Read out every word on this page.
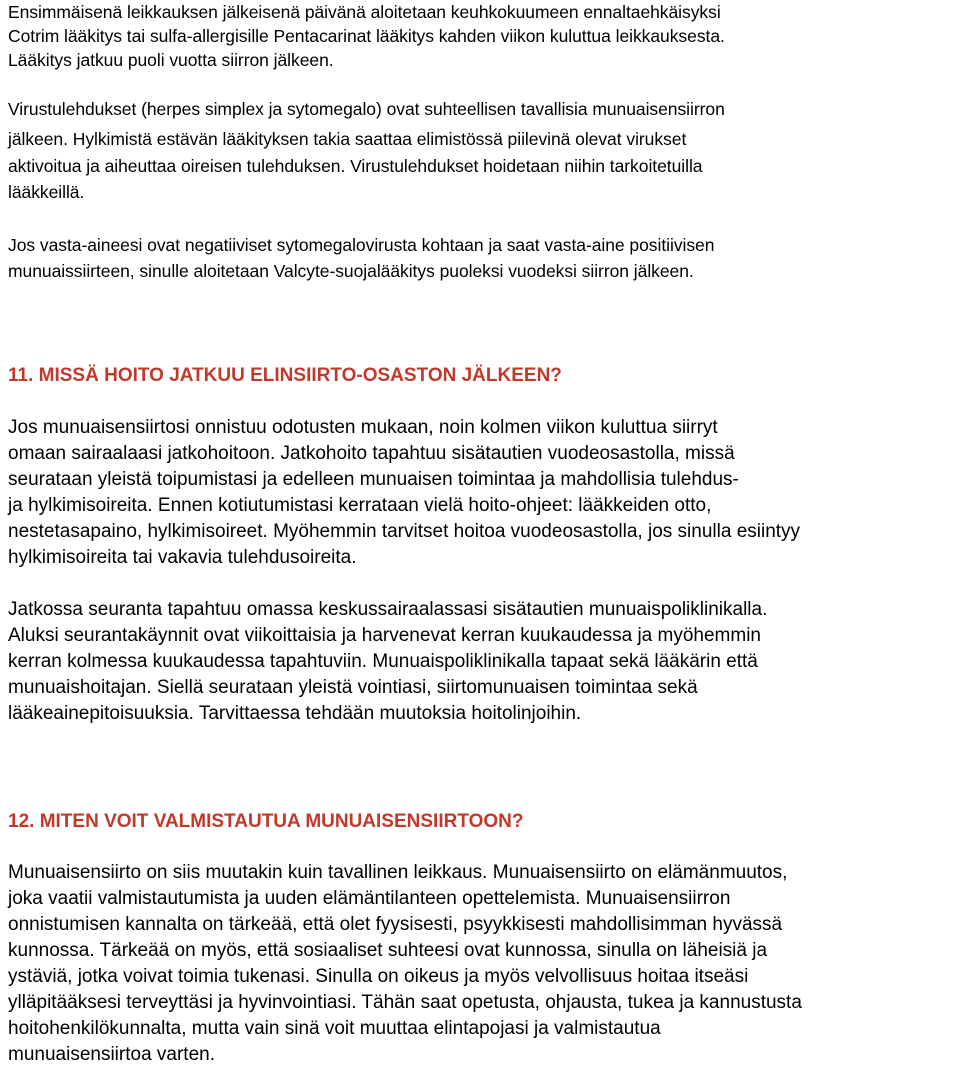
Ensimmäisenä leikkauksen jälkeisenä päivänä aloitetaan keuhkokuumeen ennaltaehkäisyksi
Cotrim lääkitys tai sulfa-allergisille Pentacarinat lääkitys kahden viikon kuluttua leikkauksesta.
Lääkitys jatkuu puoli vuotta siirron jälkeen.
Virustulehdukset (herpes simplex ja sytomegalo) ovat suhteellisen tavallisia munuaisensiirron
jälkeen. Hylkimistä estävän lääkityksen takia saattaa elimistössä piilevinä olevat virukset
aktivoitua ja aiheuttaa oireisen tulehduksen. Virustulehdukset hoidetaan niihin tarkoitetuilla
lääkkeillä.
Jos vasta-aineesi ovat negatiiviset sytomegalovirusta kohtaan ja saat vasta-aine positiivisen
munuaissiirteen, sinulle aloitetaan Valcyte-suojalääkitys puoleksi vuodeksi siirron jälkeen.
11. MISSÄ HOITO JATKUU ELINSIIRTO-OSASTON JÄLKEEN?
Jos munuaisensiirtosi onnistuu odotusten mukaan, noin kolmen viikon kuluttua siirryt
omaan sairaalaasi jatkohoitoon. Jatkohoito tapahtuu sisätautien vuodeosastolla, missä
seurataan yleistä toipumistasi ja edelleen munuaisen toimintaa ja mahdollisia tulehdus-
ja hylkimisoireita. Ennen kotiutumistasi kerrataan vielä hoito-ohjeet: lääkkeiden otto,
nestetasapaino, hylkimisoireet. Myöhemmin tarvitset hoitoa vuodeosastolla, jos sinulla esiintyy
hylkimisoireita tai vakavia tulehdusoireita.
Jatkossa seuranta tapahtuu omassa keskussairaalassasi sisätautien munuaispoliklinikalla.
Aluksi seurantakäynnit ovat viikoittaisia ja harvenevat kerran kuukaudessa ja myöhemmin
kerran kolmessa kuukaudessa tapahtuviin. Munuaispoliklinikalla tapaat sekä lääkärin että
munuaishoitajan. Siellä seurataan yleistä vointiasi, siirtomunuaisen toimintaa sekä
lääkeainepitoisuuksia. Tarvittaessa tehdään muutoksia hoitolinjoihin.
12. MITEN VOIT VALMISTAUTUA MUNUAISENSIIRTOON?
Munuaisensiirto on siis muutakin kuin tavallinen leikkaus. Munuaisensiirto on elämänmuutos,
joka vaatii valmistautumista ja uuden elämäntilanteen opettelemista. Munuaisensiirron
onnistumisen kannalta on tärkeää, että olet fyysisesti, psyykkisesti mahdollisimman hyvässä
kunnossa. Tärkeää on myös, että sosiaaliset suhteesi ovat kunnossa, sinulla on läheisiä ja
ystäviä, jotka voivat toimia tukenasi. Sinulla on oikeus ja myös velvollisuus hoitaa itseäsi
ylläpitääksesi terveyttäsi ja hyvinvointiasi. Tähän saat opetusta, ohjausta, tukea ja kannustusta
hoitohenkilökunnalta, mutta vain sinä voit muuttaa elintapojasi ja valmistautua
munuaisensiirtoa varten.
